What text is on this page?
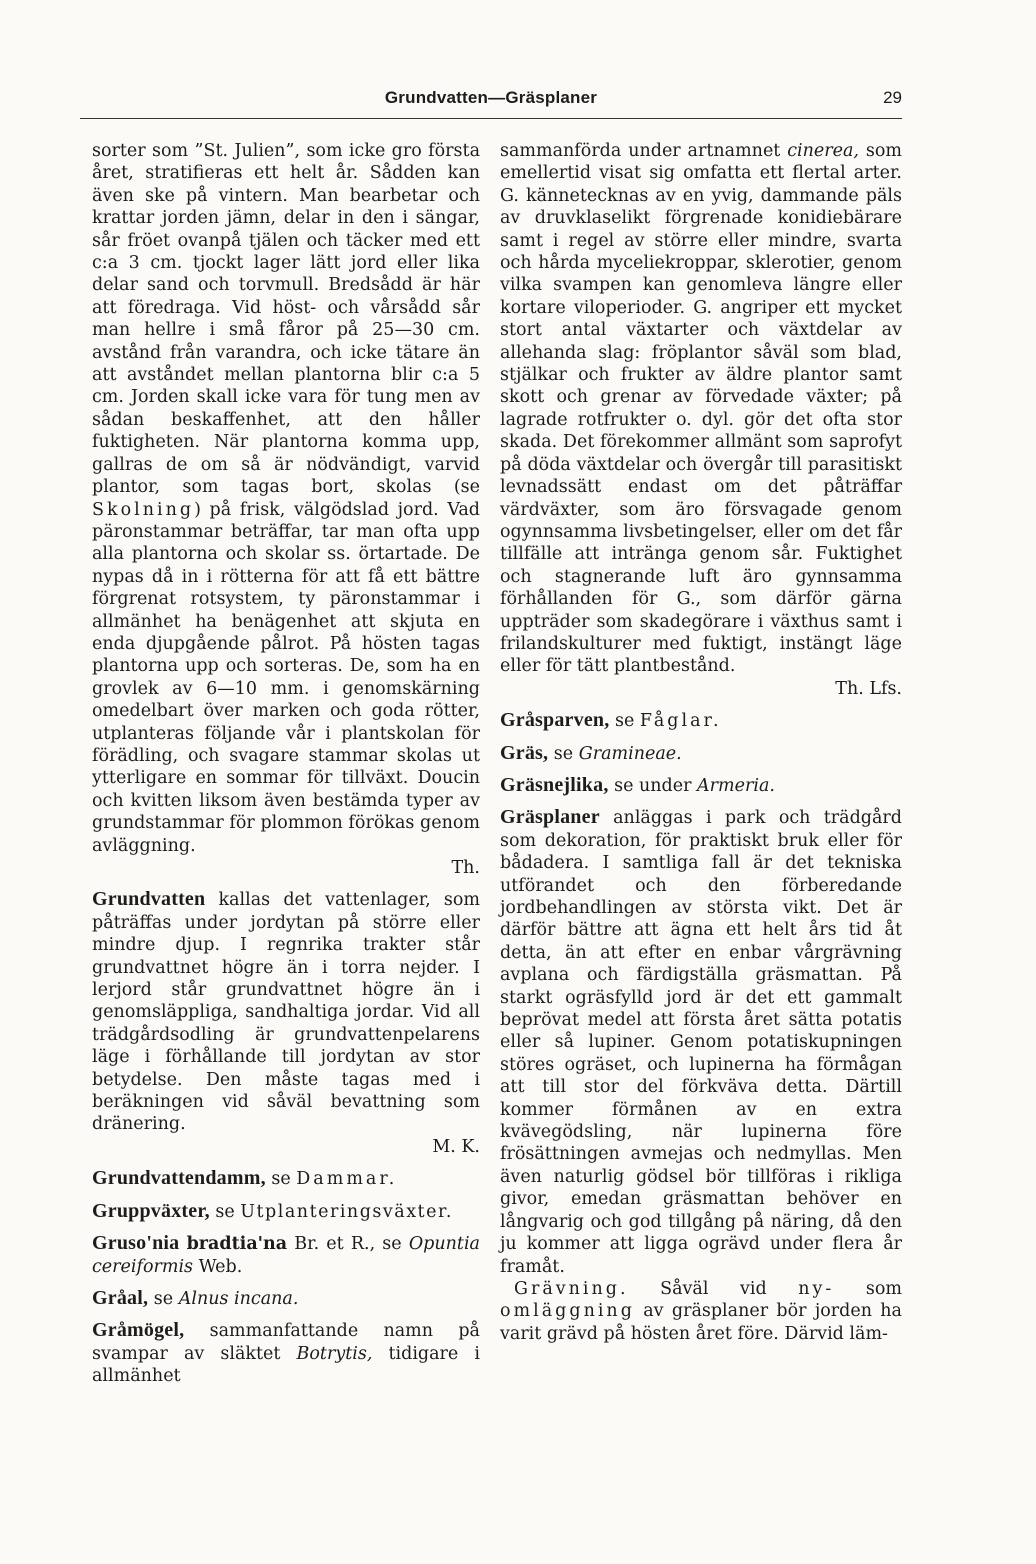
Grundvatten—Gräsplaner	29

sorter som ”St. Julien”, som icke gro första året, stratifieras ett helt år. Sådden kan även ske på vintern. Man bearbetar och krattar jorden jämn, delar in den i sängar, sår fröet ovanpå tjälen och täcker med ett c:a 3 cm. tjockt lager lätt jord eller lika delar sand och torvmull. Bredsådd är här att föredraga. Vid höst- och vårsådd sår man hellre i små fåror på 25—30 cm. avstånd från varandra, och icke tätare än att avståndet mellan plantorna blir c:a 5 cm. Jorden skall icke vara för tung men av sådan beskaffenhet, att den håller fuktigheten. När plantorna komma upp, gallras de om så är nödvändigt, varvid plantor, som tagas bort, skolas (se Skolning) på frisk, välgödslad jord. Vad päronstammar beträffar, tar man ofta upp alla plantorna och skolar ss. örtartade. De nypas då in i rötterna för att få ett bättre förgrenat rotsystem, ty päronstammar i allmänhet ha benägenhet att skjuta en enda djupgående pålrot. På hösten tagas plantorna upp och sorteras. De, som ha en grovlek av 6—10 mm. i genomskärning omedelbart över marken och goda rötter, utplanteras följande vår i plantskolan för förädling, och svagare stammar skolas ut ytterligare en sommar för tillväxt. Doucin och kvitten liksom även bestämda typer av grundstammar för plommon förökas genom avläggning.

Th.

Grundvatten kallas det vattenlager, som påträffas under jordytan på större eller mindre djup. I regnrika trakter står grundvattnet högre än i torra nejder. I lerjord står grundvattnet högre än i genomsläppliga, sandhaltiga jordar. Vid all trädgårdsodling är grundvattenpelarens läge i förhållande till jordytan av stor betydelse. Den måste tagas med i beräkningen vid såväl bevattning som dränering.

M. K.

Grundvattendamm, se Dammar.

Gruppväxter, se Utplanteringsväxter.

Gruso'nia bradtia'na Br. et R., se Opuntia cereiformis Web.

Gråal, se Alnus incana.

Gråmögel, sammanfattande namn på svampar av släktet Botrytis, tidigare i allmänhet

sammanförda under artnamnet cinerea, som emellertid visat sig omfatta ett flertal arter. G. kännetecknas av en yvig, dammande päls av druvklaselikt förgrenade konidiebärare samt i regel av större eller mindre, svarta och hårda myceliekroppar, sklerotier, genom vilka svampen kan genomleva längre eller kortare viloperioder. G. angriper ett mycket stort antal växtarter och växtdelar av allehanda slag: fröplantor såväl som blad, stjälkar och frukter av äldre plantor samt skott och grenar av förvedade växter; på lagrade rotfrukter o. dyl. gör det ofta stor skada. Det förekommer allmänt som saprofyt på döda växtdelar och övergår till parasitiskt levnadssätt endast om det påträffar värdväxter, som äro försvagade genom ogynnsamma livsbetingelser, eller om det får tillfälle att intränga genom sår. Fuktighet och stagnerande luft äro gynnsamma förhållanden för G., som därför gärna uppträder som skadegörare i växthus samt i frilandskulturer med fuktigt, instängt läge eller för tätt plantbestånd.

Th. Lfs.

Gråsparven, se Fåglar.

Gräs, se Gramineae.

Gräsnejlika, se under Armeria.

Gräsplaner anläggas i park och trädgård som dekoration, för praktiskt bruk eller för bådadera. I samtliga fall är det tekniska utförandet och den förberedande jordbehandlingen av största vikt. Det är därför bättre att ägna ett helt års tid åt detta, än att efter en enbar vårgrävning avplana och färdigställa gräsmattan. På starkt ogräsfylld jord är det ett gammalt beprövat medel att första året sätta potatis eller så lupiner. Genom potatiskupningen störes ogräset, och lupinerna ha förmågan att till stor del förkväva detta. Därtill kommer förmånen av en extra kvävegödsling, när lupinerna före frösättningen avmejas och nedmyllas. Men även naturlig gödsel bör tillföras i rikliga givor, emedan gräsmattan behöver en långvarig och god tillgång på näring, då den ju kommer att ligga ogrävd under flera år framåt.

Grävning. Såväl vid ny- som omläggning av gräsplaner bör jorden ha varit grävd på hösten året före. Därvid läm-
